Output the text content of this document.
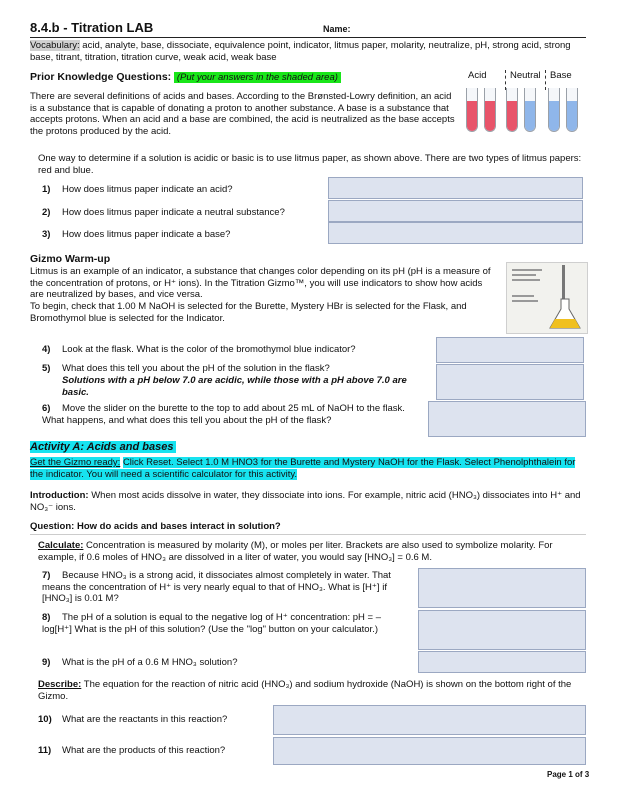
8.4.b - Titration LAB	Name:
Vocabulary: acid, analyte, base, dissociate, equivalence point, indicator, litmus paper, molarity, neutralize, pH, strong acid, strong base, titrant, titration, titration curve, weak acid, weak base
Prior Knowledge Questions: (Put your answers in the shaded area)
There are several definitions of acids and bases. According to the Brønsted-Lowry definition, an acid is a substance that is capable of donating a proton to another substance. A base is a substance that accepts protons. When an acid and a base are combined, the acid is neutralized as the base accepts the protons produced by the acid.
Acid Neutral Base
One way to determine if a solution is acidic or basic is to use litmus paper, as shown above. There are two types of litmus papers: red and blue.
1) How does litmus paper indicate an acid?
2) How does litmus paper indicate a neutral substance?
3) How does litmus paper indicate a base?
Gizmo Warm-up
Litmus is an example of an indicator, a substance that changes color depending on its pH (pH is a measure of the concentration of protons, or H⁺ ions). In the Titration Gizmo™, you will use indicators to show how acids are neutralized by bases, and vice versa.
To begin, check that 1.00 M NaOH is selected for the Burette, Mystery HBr is selected for the Flask, and Bromothymol blue is selected for the Indicator.
4) Look at the flask. What is the color of the bromothymol blue indicator?
5) What does this tell you about the pH of the solution in the flask?
Solutions with a pH below 7.0 are acidic, while those with a pH above 7.0 are basic.
6) Move the slider on the burette to the top to add about 25 mL of NaOH to the flask. What happens, and what does this tell you about the pH of the flask?
Activity A: Acids and bases
Get the Gizmo ready: Click Reset. Select 1.0 M HNO3 for the Burette and Mystery NaOH for the Flask. Select Phenolphthalein for the indicator. You will need a scientific calculator for this activity.
Introduction: When most acids dissolve in water, they dissociate into ions. For example, nitric acid (HNO₃) dissociates into H⁺ and NO₃⁻ ions.
Question: How do acids and bases interact in solution?
Calculate: Concentration is measured by molarity (M), or moles per liter. Brackets are also used to symbolize molarity. For example, if 0.6 moles of HNO₃ are dissolved in a liter of water, you would say [HNO₃] = 0.6 M.
7) Because HNO₃ is a strong acid, it dissociates almost completely in water. That means the concentration of H⁺ is very nearly equal to that of HNO₃. What is [H⁺] if [HNO₃] is 0.01 M?
8) The pH of a solution is equal to the negative log of H⁺ concentration: pH = –log[H⁺] What is the pH of this solution? (Use the "log" button on your calculator.)
9) What is the pH of a 0.6 M HNO₃ solution?
Describe: The equation for the reaction of nitric acid (HNO₃) and sodium hydroxide (NaOH) is shown on the bottom right of the Gizmo.
10) What are the reactants in this reaction?
11) What are the products of this reaction?
Page 1 of 3
